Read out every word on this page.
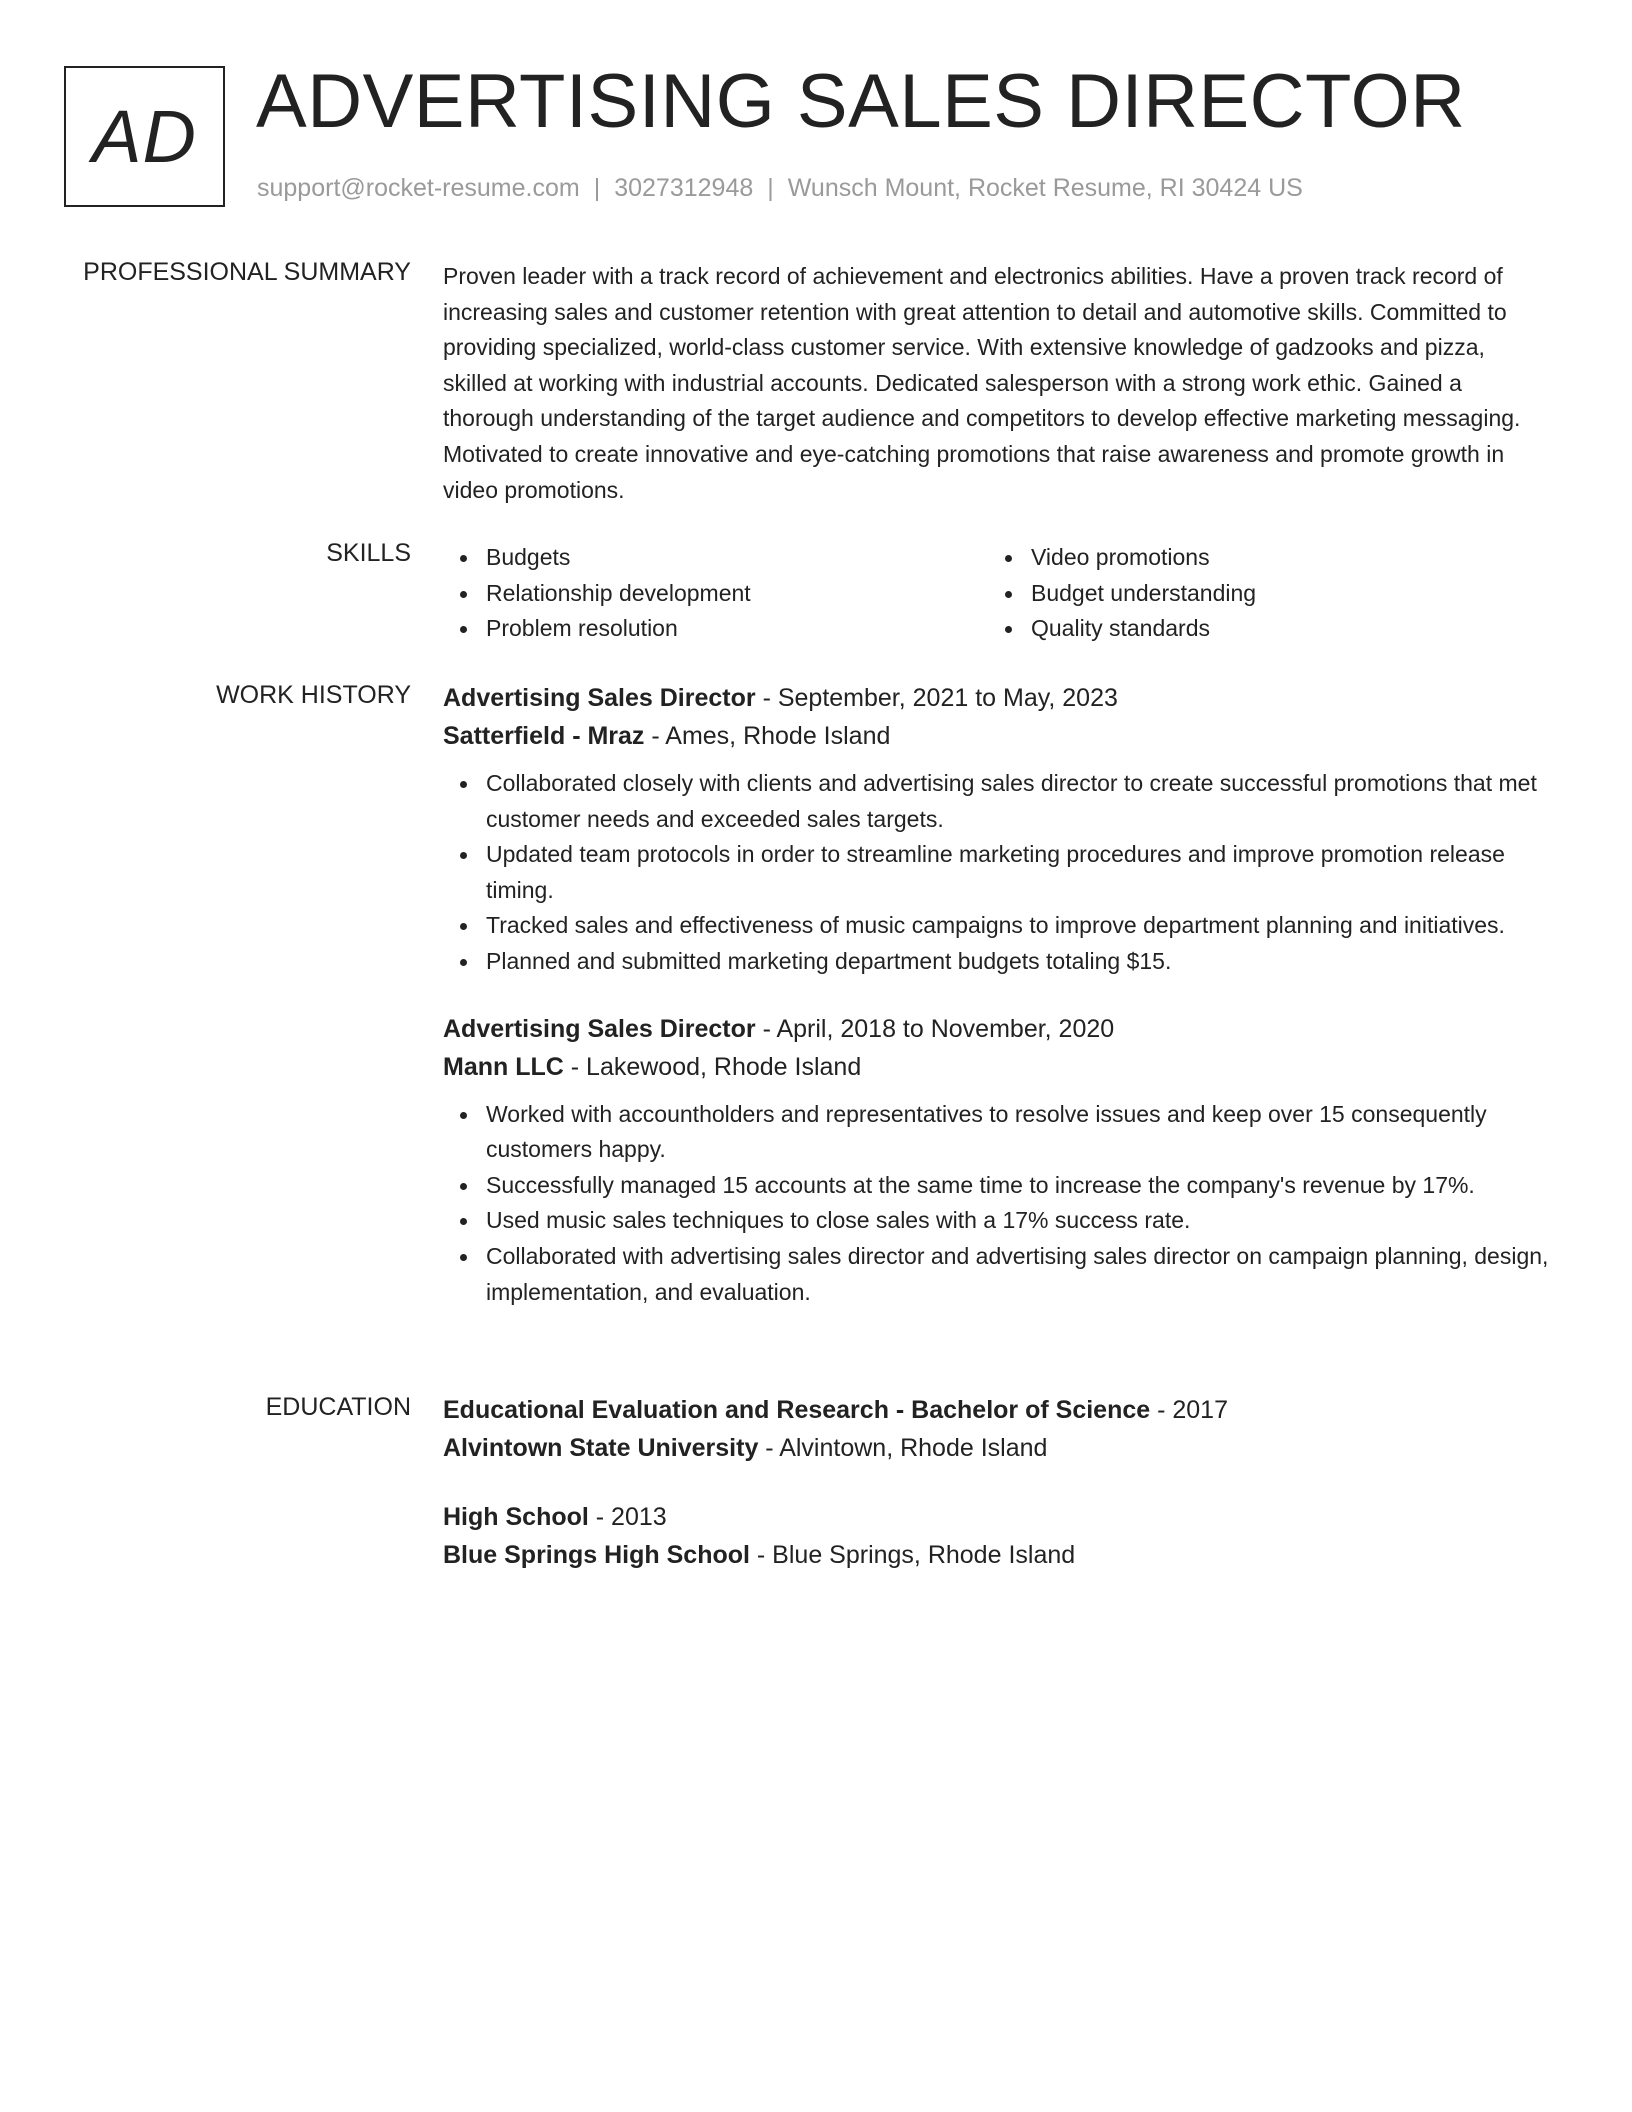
AD ADVERTISING SALES DIRECTOR
support@rocket-resume.com | 3027312948 | Wunsch Mount, Rocket Resume, RI 30424 US
PROFESSIONAL SUMMARY Proven leader with a track record of achievement and electronics abilities. Have a proven track record of increasing sales and customer retention with great attention to detail and automotive skills. Committed to providing specialized, world-class customer service. With extensive knowledge of gadzooks and pizza, skilled at working with industrial accounts. Dedicated salesperson with a strong work ethic. Gained a thorough understanding of the target audience and competitors to develop effective marketing messaging. Motivated to create innovative and eye-catching promotions that raise awareness and promote growth in video promotions.

SKILLS	Budgets
Relationship development
Problem resolution
Video promotions
Budget understanding
Quality standards
WORK HISTORY Advertising Sales Director - September, 2021 to May, 2023
Satterfield - Mraz - Ames, Rhode Island
Collaborated closely with clients and advertising sales director to create successful promotions that met customer needs and exceeded sales targets.
Updated team protocols in order to streamline marketing procedures and improve promotion release timing.
Tracked sales and effectiveness of music campaigns to improve department planning and initiatives.
Planned and submitted marketing department budgets totaling $15.
Advertising Sales Director - April, 2018 to November, 2020
Mann LLC - Lakewood, Rhode Island
Worked with accountholders and representatives to resolve issues and keep over 15 consequently customers happy.
Successfully managed 15 accounts at the same time to increase the company's revenue by 17%.
Used music sales techniques to close sales with a 17% success rate.
Collaborated with advertising sales director and advertising sales director on campaign planning, design, implementation, and evaluation.
EDUCATION Educational Evaluation and Research - Bachelor of Science - 2017
Alvintown State University - Alvintown, Rhode Island
High School - 2013
Blue Springs High School - Blue Springs, Rhode Island
